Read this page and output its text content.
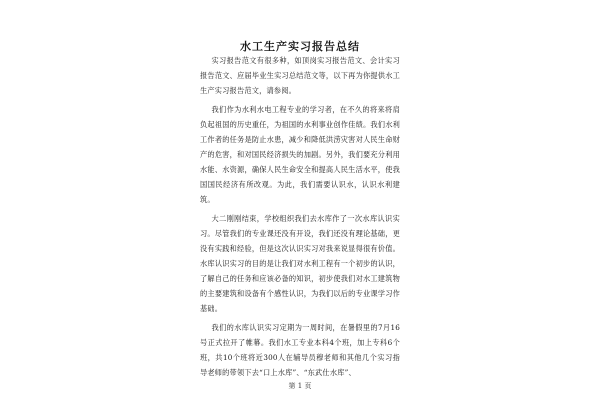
水工生产实习报告总结

实习报告范文有很多种，如顶岗实习报告范文、会计实习报告范文、应届毕业生实习总结范文等，以下再为你提供水工生产实习报告范文，请参阅。

我们作为水利水电工程专业的学习者，在不久的将来将肩负起祖国的历史重任，为祖国的水利事业创作佳绩。我们水利工作者的任务是防止水患，减少和降低洪涝灾害对人民生命财产的危害，和对国民经济损失的加剧。另外，我们要充分利用水能、水资源，确保人民生命安全和提高人民生活水平，使我国国民经济有所改观。为此，我们需要认识水，认识水利建筑。

大二刚刚结束，学校组织我们去水库作了一次水库认识实习。尽管我们的专业课还没有开设，我们还没有理论基础，更没有实践和经验，但是这次认识实习对我来说显得很有价值。水库认识实习的目的是让我们对水利工程有一个初步的认识，了解自己的任务和应该必备的知识，初步使我们对水工建筑物的主要建筑和设备有个感性认识，为我们以后的专业课学习作基础。

我们的水库认识实习定期为一周时间，在暑假里的7月16号正式拉开了帷幕。我们水工专业本科4个班，加上专科6个班，共10个班将近300人在辅导员穆老师和其他几个实习指导老师的带领下去“口上水库”、“东武仕水库”、

第 1 页
